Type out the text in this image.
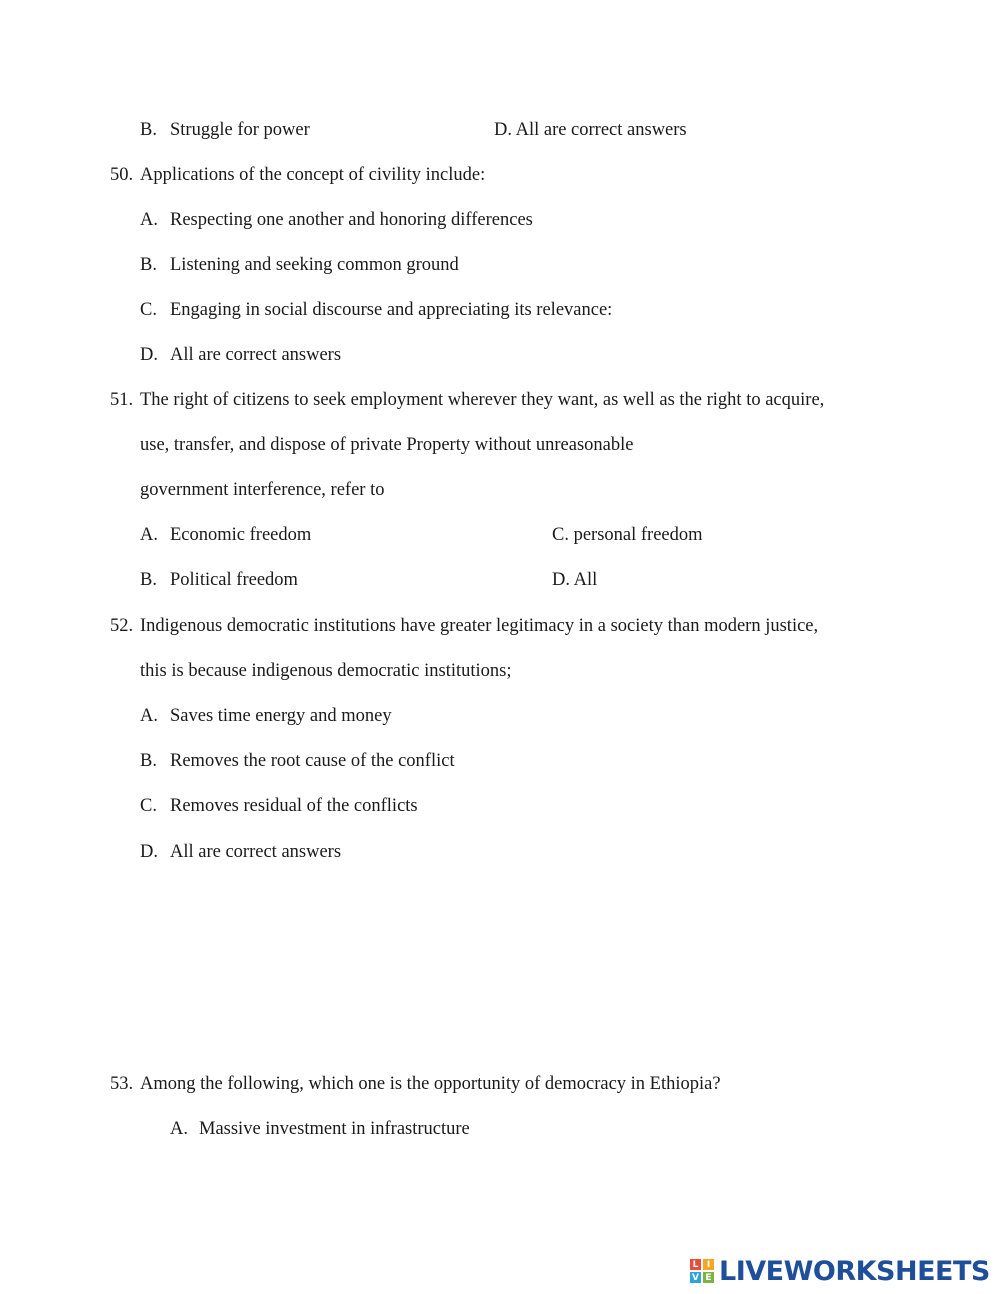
B. Struggle for power	D. All are correct answers
50. Applications of the concept of civility include:
A. Respecting one another and honoring differences
B. Listening and seeking common ground
C. Engaging in social discourse and appreciating its relevance:
D. All are correct answers
51. The right of citizens to seek employment wherever they want, as well as the right to acquire,
use, transfer, and dispose of private Property without unreasonable
government interference, refer to
A. Economic freedom	C. personal freedom
B. Political freedom	D. All
52. Indigenous democratic institutions have greater legitimacy in a society than modern justice,
this is because indigenous democratic institutions;
A. Saves time energy and money
B. Removes the root cause of the conflict
C. Removes residual of the conflicts
D. All are correct answers
53. Among the following, which one is the opportunity of democracy in Ethiopia?
A. Massive investment in infrastructure
L I
V E LIVEWORKSHEETS
